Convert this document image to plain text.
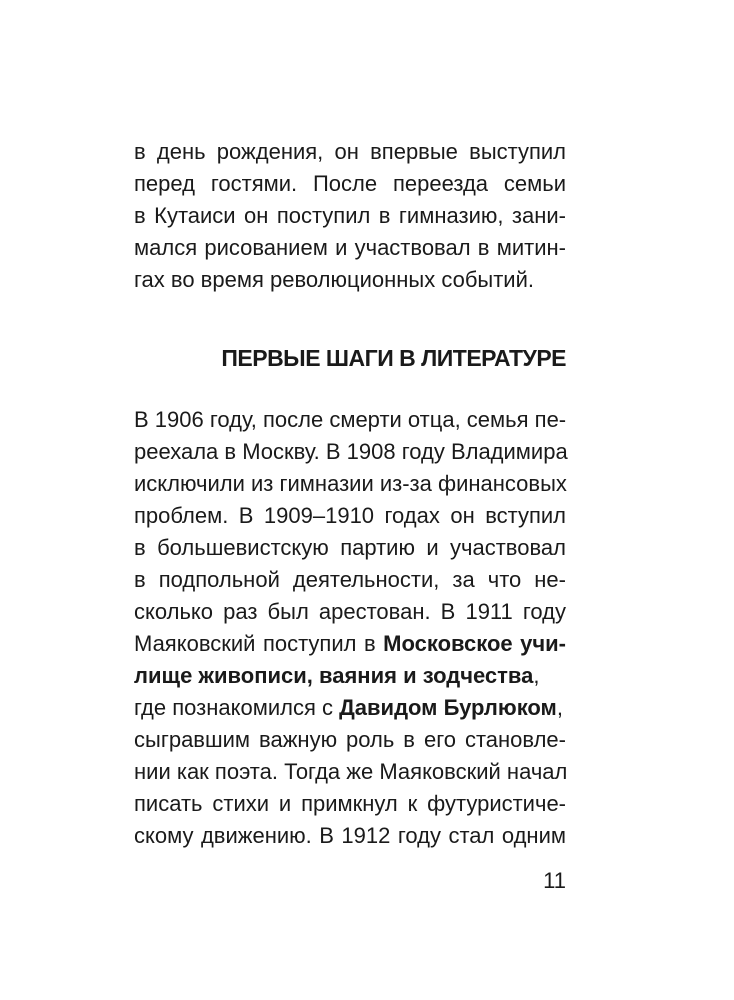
в день рождения, он впервые выступил
перед гостями. После переезда семьи
в Кутаиси он поступил в гимназию, зани-
мался рисованием и участвовал в митин-
гах во время революционных событий.
ПЕРВЫЕ ШАГИ В ЛИТЕРАТУРЕ
В 1906 году, после смерти отца, семья пе-
реехала в Москву. В 1908 году Владимира
исключили из гимназии из-за финансовых
проблем. В 1909–1910 годах он вступил
в большевистскую партию и участвовал
в подпольной деятельности, за что не-
сколько раз был арестован. В 1911 году
Маяковский поступил в Московское учи-
лище живописи, ваяния и зодчества,
где познакомился с Давидом Бурлюком,
сыгравшим важную роль в его становле-
нии как поэта. Тогда же Маяковский начал
писать стихи и примкнул к футуристиче-
скому движению. В 1912 году стал одним
11
